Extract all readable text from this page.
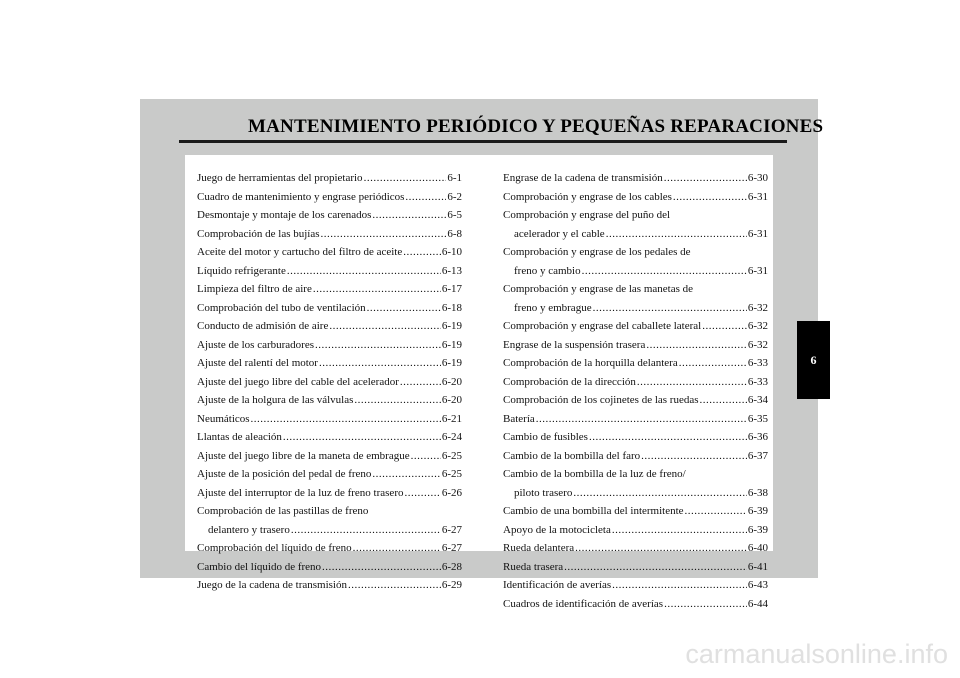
MANTENIMIENTO PERIÓDICO Y PEQUEÑAS REPARACIONES
Juego de herramientas del propietario .....	6-1
Cuadro de mantenimiento y engrase periódicos .....	6-2
Desmontaje y montaje de los carenados .....	6-5
Comprobación de las bujías .....	6-8
Aceite del motor y cartucho del filtro de aceite .....	6-10
Líquido refrigerante .....	6-13
Limpieza del filtro de aire .....	6-17
Comprobación del tubo de ventilación .....	6-18
Conducto de admisión de aire .....	6-19
Ajuste de los carburadores .....	6-19
Ajuste del ralentí del motor .....	6-19
Ajuste del juego libre del cable del acelerador .....	6-20
Ajuste de la holgura de las válvulas .....	6-20
Neumáticos .....	6-21
Llantas de aleación .....	6-24
Ajuste del juego libre de la maneta de embrague .....	6-25
Ajuste de la posición del pedal de freno .....	6-25
Ajuste del interruptor de la luz de freno trasero .....	6-26
Comprobación de las pastillas de freno
delantero y trasero .....	6-27
Comprobación del líquido de freno .....	6-27
Cambio del líquido de freno .....	6-28
Juego de la cadena de transmisión .....	6-29
Engrase de la cadena de transmisión .....	6-30
Comprobación y engrase de los cables .....	6-31
Comprobación y engrase del puño del
acelerador y el cable .....	6-31
Comprobación y engrase de los pedales de
freno y cambio .....	6-31
Comprobación y engrase de las manetas de
freno y embrague .....	6-32
Comprobación y engrase del caballete lateral .....	6-32
Engrase de la suspensión trasera .....	6-32
Comprobación de la horquilla delantera .....	6-33
Comprobación de la dirección .....	6-33
Comprobación de los cojinetes de las ruedas .....	6-34
Batería .....	6-35
Cambio de fusibles .....	6-36
Cambio de la bombilla del faro .....	6-37
Cambio de la bombilla de la luz de freno/
piloto trasero .....	6-38
Cambio de una bombilla del intermitente .....	6-39
Apoyo de la motocicleta .....	6-39
Rueda delantera .....	6-40
Rueda trasera .....	6-41
Identificación de averías .....	6-43
Cuadros de identificación de averías .....	6-44
6
carmanualsonline.info
